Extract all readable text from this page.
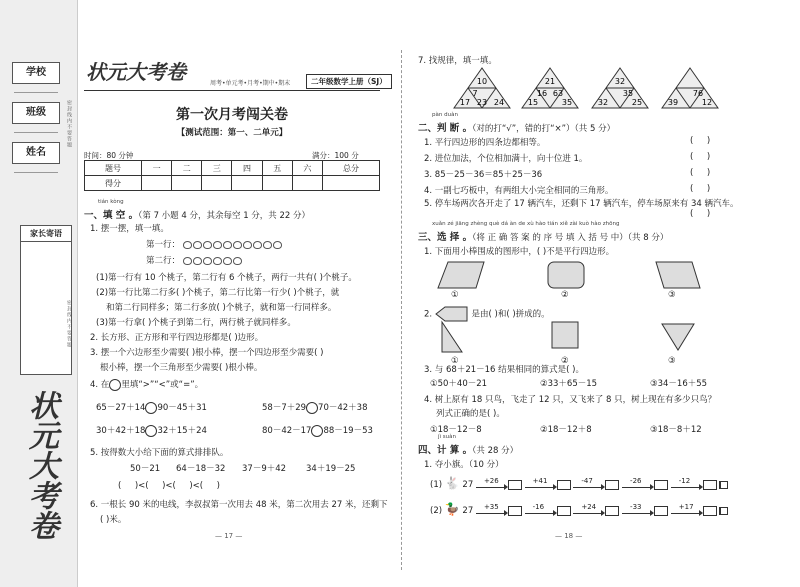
学校
班级
姓名
密封线内不要答题
家长寄语
密封线内不要答题
状元大考卷
状元大考卷	周考•单元考•月考•期中•期末	二年级数学上册（SJ）
第一次月考闯关卷
【测试范围：第一、二单元】
时间：80 分钟	满分：100 分
题号	一	二	三	四	五	六	总分
得分							
tián kòng
一、填 空 。（第 7 小题 4 分，其余每空 1 分，共 22 分）
1. 摆一摆，填一填。
第一行：
第二行：
(1)第一行有 10 个桃子，第二行有 6 个桃子，两行一共有( )个桃子。
(2)第一行比第二行多( )个桃子，第二行比第一行少( )个桃子，就
和第二行同样多；第二行多放( )个桃子，就和第一行同样多。
(3)第一行拿( )个桃子到第二行，两行桃子就同样多。
2. 长方形、正方形和平行四边形都是( )边形。
3. 摆一个六边形至少需要( )根小棒，摆一个四边形至少需要( )
根小棒，摆一个三角形至少需要( )根小棒。
4. 在 里填“>”“<”或“=”。
65－27＋14 90－45＋31	58－7＋29 70－42＋38
30＋42＋18 32＋15＋24	80－42－17 88－19－53
5. 按得数大小给下面的算式排排队。
50－21 64－18－32 37－9＋42 34＋19－25
(     )<(     )<(     )<(     )
6. 一根长 90 米的电线，李叔叔第一次用去 48 米，第二次用去 27 米，还剩下
( )米。
— 17 —
7. 找规律，填一填。
10
7
17 23 24
21
16 63
15	35
32
35
32	25
76
39	12
pàn duàn
二、判 断 。（对的打“√”，错的打“×”）（共 5 分）
1. 平行四边形的四条边都相等。
2. 进位加法，个位相加满十，向十位进 1。
3. 85－25－36＝85＋25－36
4. 一副七巧板中，有两组大小完全相同的三角形。
5. 停车场两次各开走了 17 辆汽车，还剩下 17 辆汽车，停车场原来有 34 辆汽车。
(     )
(     )
(     )
(     )
(     )
xuǎn zé jiāng zhèng què dá àn de xù hào tián xiě zài kuò hào zhōng
三、选 择 。（将 正 确 答 案 的 序 号 填 入 括 号 中）（共 8 分）
1. 下面用小棒围成的图形中，( )不是平行四边形。
①	②	③
2.	是由( )和( )拼成的。
①	②	③
3. 与 68＋21－16 结果相同的算式是( )。
①50＋40－21	②33＋65－15	③34－16＋55
4. 树上原有 18 只鸟，飞走了 12 只，又飞来了 8 只，树上现在有多少只鸟？
列式正确的是( )。
①18－12－8	②18－12＋8	③18－8＋12
jì suàn
四、计 算 。（共 28 分）
1. 夺小旗。（10 分）
(1) 🐇 27 +26
	+41
	-47
	-26
	-12
(2) 🦆 27 +35
	-16
	+24
	-33
	+17
— 18 —
